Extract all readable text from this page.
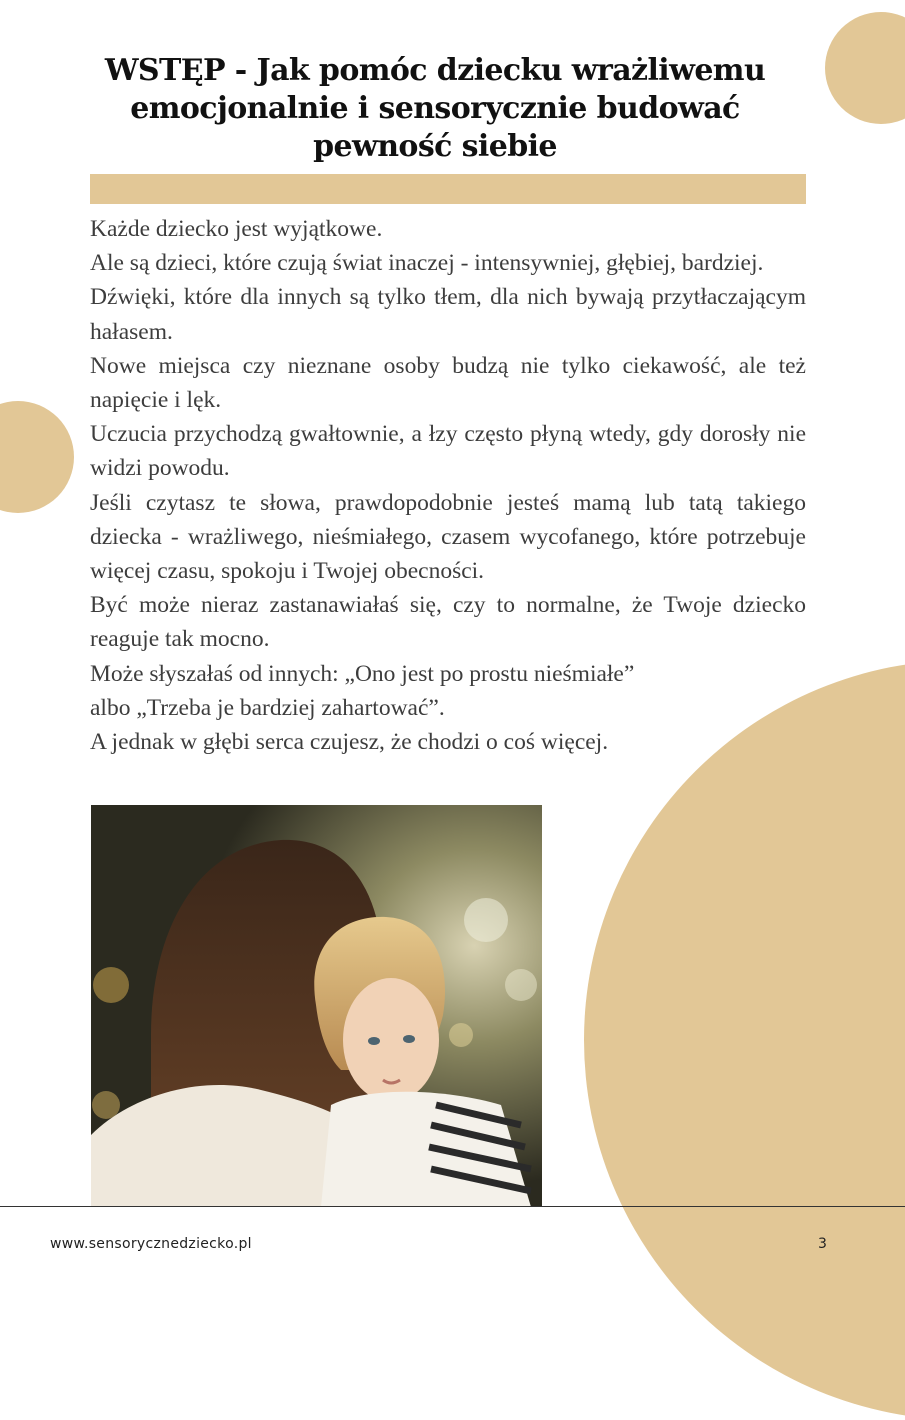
WSTĘP - Jak pomóc dziecku wrażliwemu
emocjonalnie i sensorycznie budować
pewność siebie

Każde dziecko jest wyjątkowe.

Ale są dzieci, które czują świat inaczej - intensywniej, głębiej, bardziej.

Dźwięki, które dla innych są tylko tłem, dla nich bywają przytłaczającym hałasem.

Nowe miejsca czy nieznane osoby budzą nie tylko ciekawość, ale też napięcie i lęk.

Uczucia przychodzą gwałtownie, a łzy często płyną wtedy, gdy dorosły nie widzi powodu.

Jeśli czytasz te słowa, prawdopodobnie jesteś mamą lub tatą takiego dziecka - wrażliwego, nieśmiałego, czasem wycofanego, które potrzebuje więcej czasu, spokoju i Twojej obecności.

Być może nieraz zastanawiałaś się, czy to normalne, że Twoje dziecko reaguje tak mocno.

Może słyszałaś od innych: „Ono jest po prostu nieśmiałe”

albo „Trzeba je bardziej zahartować”.

A jednak w głębi serca czujesz, że chodzi o coś więcej.

www.sensorycznedziecko.pl	3
